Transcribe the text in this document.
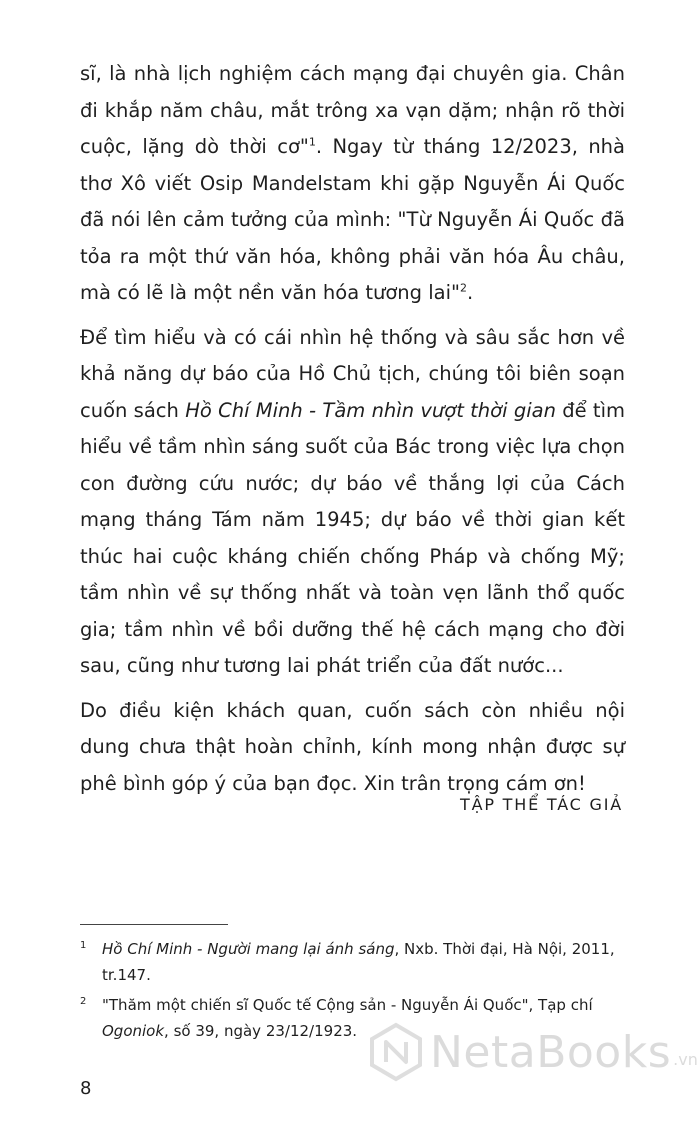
sĩ, là nhà lịch nghiệm cách mạng đại chuyên gia. Chân đi khắp năm châu, mắt trông xa vạn dặm; nhận rõ thời cuộc, lặng dò thời cơ"$^1$. Ngay từ tháng 12/2023, nhà thơ Xô viết Osip Mandelstam khi gặp Nguyễn Ái Quốc đã nói lên cảm tưởng của mình: "Từ Nguyễn Ái Quốc đã tỏa ra một thứ văn hóa, không phải văn hóa Âu châu, mà có lẽ là một nền văn hóa tương lai"$^2$.

Để tìm hiểu và có cái nhìn hệ thống và sâu sắc hơn về khả năng dự báo của Hồ Chủ tịch, chúng tôi biên soạn cuốn sách Hồ Chí Minh - Tầm nhìn vượt thời gian để tìm hiểu về tầm nhìn sáng suốt của Bác trong việc lựa chọn con đường cứu nước; dự báo về thắng lợi của Cách mạng tháng Tám năm 1945; dự báo về thời gian kết thúc hai cuộc kháng chiến chống Pháp và chống Mỹ; tầm nhìn về sự thống nhất và toàn vẹn lãnh thổ quốc gia; tầm nhìn về bồi dưỡng thế hệ cách mạng cho đời sau, cũng như tương lai phát triển của đất nước...

Do điều kiện khách quan, cuốn sách còn nhiều nội dung chưa thật hoàn chỉnh, kính mong nhận được sự phê bình góp ý của bạn đọc. Xin trân trọng cám ơn!

TẬP THỂ TÁC GIẢ
1 Hồ Chí Minh - Người mang lại ánh sáng, Nxb. Thời đại, Hà Nội, 2011, tr.147.
2 "Thăm một chiến sĩ Quốc tế Cộng sản - Nguyễn Ái Quốc", Tạp chí Ogoniok, số 39, ngày 23/12/1923.
8
NetaBooks .vn
